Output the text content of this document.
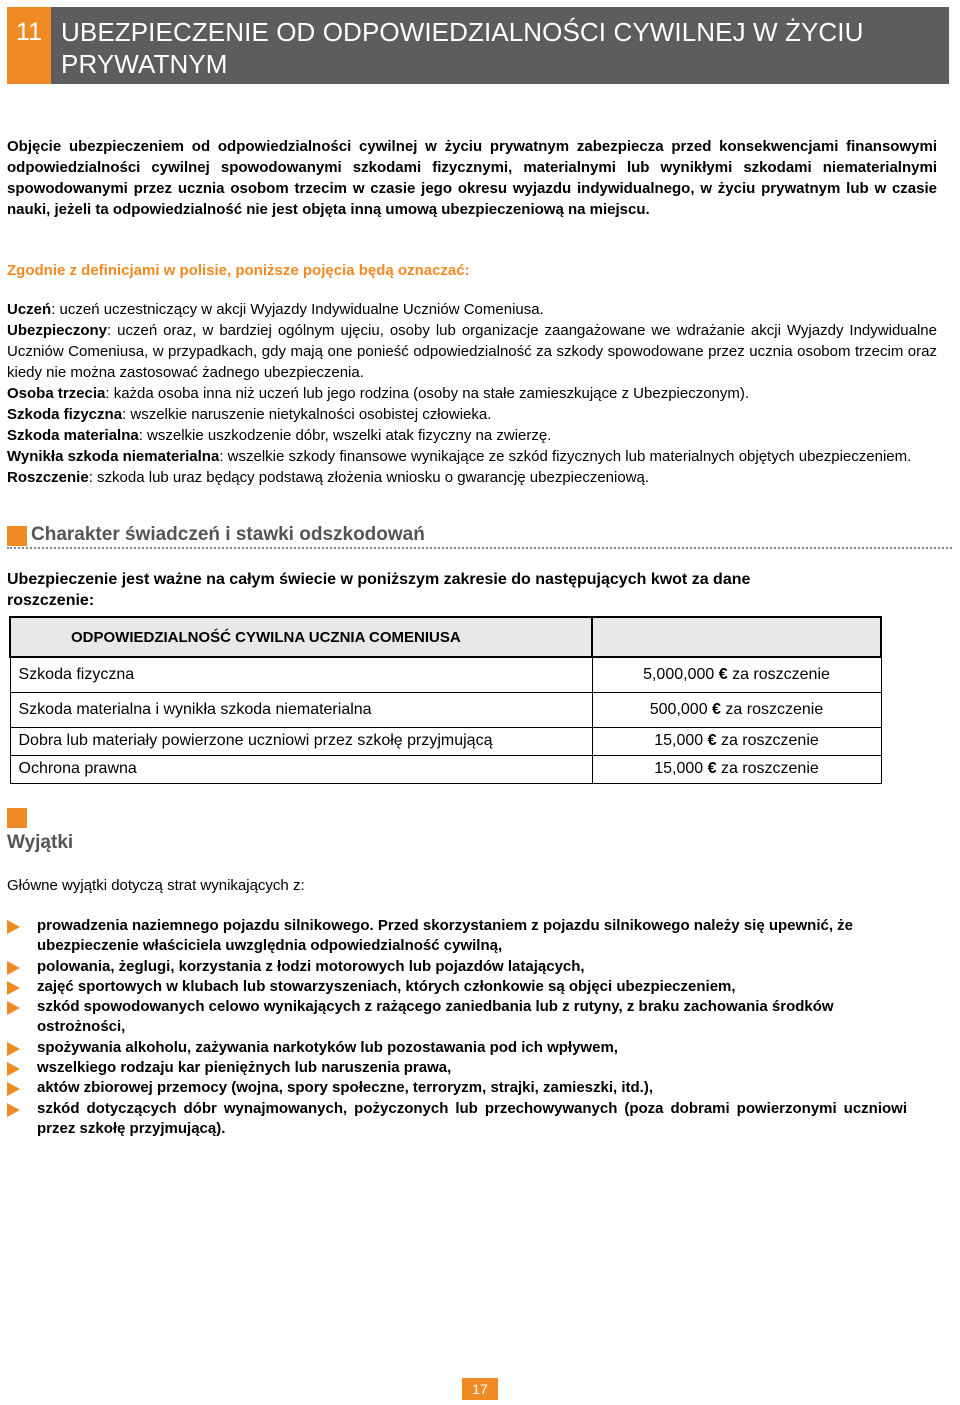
11 UBEZPIECZENIE OD ODPOWIEDZIALNOŚCI CYWILNEJ W ŻYCIU PRYWATNYM
Objęcie ubezpieczeniem od odpowiedzialności cywilnej w życiu prywatnym zabezpiecza przed konsekwencjami finansowymi odpowiedzialności cywilnej spowodowanymi szkodami fizycznymi, materialnymi lub wynikłymi szkodami niematerialnymi spowodowanymi przez ucznia osobom trzecim w czasie jego okresu wyjazdu indywidualnego, w życiu prywatnym lub w czasie nauki, jeżeli ta odpowiedzialność nie jest objęta inną umową ubezpieczeniową na miejscu.
Zgodnie z definicjami w polisie, poniższe pojęcia będą oznaczać:
Uczeń: uczeń uczestniczący w akcji Wyjazdy Indywidualne Uczniów Comeniusa.
Ubezpieczony: uczeń oraz, w bardziej ogólnym ujęciu, osoby lub organizacje zaangażowane we wdrażanie akcji Wyjazdy Indywidualne Uczniów Comeniusa, w przypadkach, gdy mają one ponieść odpowiedzialność za szkody spowodowane przez ucznia osobom trzecim oraz kiedy nie można zastosować żadnego ubezpieczenia.
Osoba trzecia: każda osoba inna niż uczeń lub jego rodzina (osoby na stałe zamieszkujące z Ubezpieczonym).
Szkoda fizyczna: wszelkie naruszenie nietykalności osobistej człowieka.
Szkoda materialna: wszelkie uszkodzenie dóbr, wszelki atak fizyczny na zwierzę.
Wynikła szkoda niematerialna: wszelkie szkody finansowe wynikające ze szkód fizycznych lub materialnych objętych ubezpieczeniem.
Roszczenie: szkoda lub uraz będący podstawą złożenia wniosku o gwarancję ubezpieczeniową.
Charakter świadczeń i stawki odszkodowań
Ubezpieczenie jest ważne na całym świecie w poniższym zakresie do następujących kwot za dane roszczenie:
ODPOWIEDZIALNOŚĆ CYWILNA UCZNIA COMENIUSA	
Szkoda fizyczna	5,000,000 € za roszczenie
Szkoda materialna i wynikła szkoda niematerialna	500,000 € za roszczenie
Dobra lub materiały powierzone uczniowi przez szkołę przyjmującą	15,000 € za roszczenie
Ochrona prawna	15,000 € za roszczenie
Wyjątki
Główne wyjątki dotyczą strat wynikających z:
prowadzenia naziemnego pojazdu silnikowego. Przed skorzystaniem z pojazdu silnikowego należy się upewnić, że ubezpieczenie właściciela uwzględnia odpowiedzialność cywilną,
polowania, żeglugi, korzystania z łodzi motorowych lub pojazdów latających,
zajęć sportowych w klubach lub stowarzyszeniach, których członkowie są objęci ubezpieczeniem,
szkód spowodowanych celowo wynikających z rażącego zaniedbania lub z rutyny, z braku zachowania środków ostrożności,
spożywania alkoholu, zażywania narkotyków lub pozostawania pod ich wpływem,
wszelkiego rodzaju kar pieniężnych lub naruszenia prawa,
aktów zbiorowej przemocy (wojna, spory społeczne, terroryzm, strajki, zamieszki, itd.),
szkód dotyczących dóbr wynajmowanych, pożyczonych lub przechowywanych (poza dobrami powierzonymi uczniowi przez szkołę przyjmującą).
17
